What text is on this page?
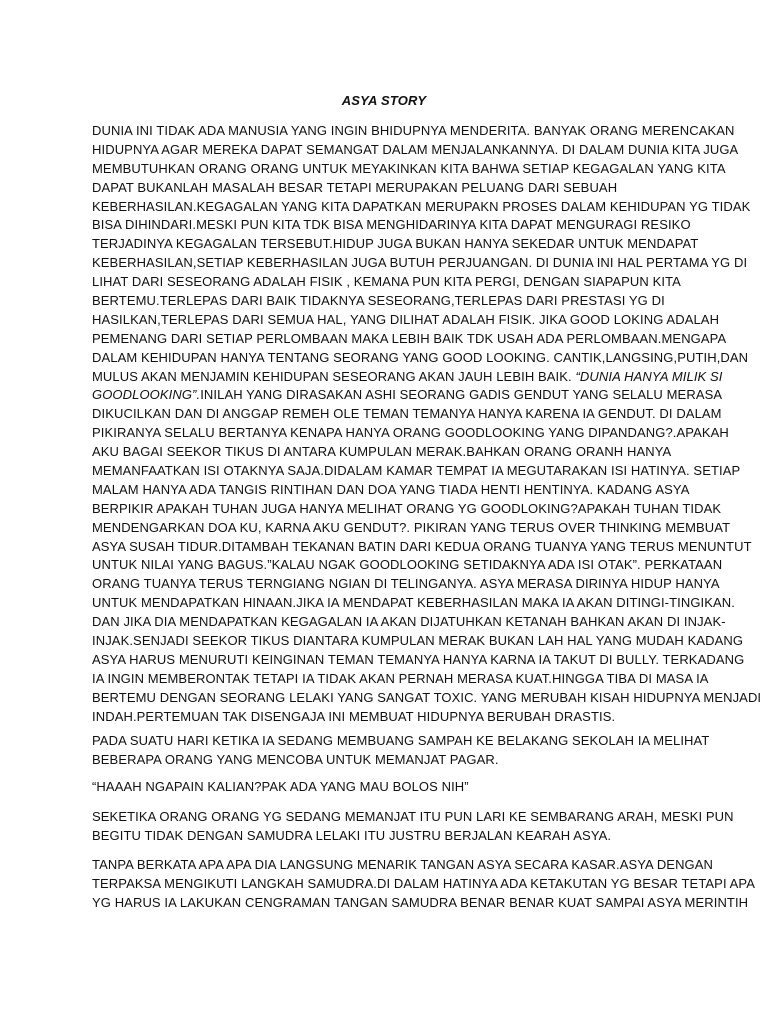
ASYA STORY
DUNIA INI TIDAK ADA MANUSIA YANG INGIN BHIDUPNYA MENDERITA. BANYAK ORANG MERENCAKAN
HIDUPNYA AGAR MEREKA DAPAT SEMANGAT DALAM MENJALANKANNYA. DI DALAM DUNIA KITA JUGA
MEMBUTUHKAN ORANG ORANG UNTUK MEYAKINKAN KITA BAHWA SETIAP KEGAGALAN YANG KITA
DAPAT BUKANLAH MASALAH BESAR TETAPI MERUPAKAN PELUANG DARI SEBUAH
KEBERHASILAN.KEGAGALAN YANG KITA DAPATKAN MERUPAKN PROSES DALAM KEHIDUPAN YG TIDAK
BISA DIHINDARI.MESKI PUN KITA TDK BISA MENGHIDARINYA KITA DAPAT MENGURAGI RESIKO
TERJADINYA KEGAGALAN TERSEBUT.HIDUP JUGA BUKAN HANYA SEKEDAR UNTUK MENDAPAT
KEBERHASILAN,SETIAP KEBERHASILAN JUGA BUTUH PERJUANGAN. DI DUNIA INI HAL PERTAMA YG DI
LIHAT DARI SESEORANG ADALAH FISIK , KEMANA PUN KITA PERGI, DENGAN SIAPAPUN KITA
BERTEMU.TERLEPAS DARI BAIK TIDAKNYA SESEORANG,TERLEPAS DARI PRESTASI YG DI
HASILKAN,TERLEPAS DARI SEMUA HAL, YANG DILIHAT ADALAH FISIK. JIKA GOOD LOKING ADALAH
PEMENANG DARI SETIAP PERLOMBAAN MAKA LEBIH BAIK TDK USAH ADA PERLOMBAAN.MENGAPA
DALAM KEHIDUPAN HANYA TENTANG SEORANG YANG GOOD LOOKING. CANTIK,LANGSING,PUTIH,DAN
MULUS AKAN MENJAMIN KEHIDUPAN SESEORANG AKAN JAUH LEBIH BAIK. “DUNIA HANYA MILIK SI
GOODLOOKING”.INILAH YANG DIRASAKAN ASHI SEORANG GADIS GENDUT YANG SELALU MERASA
DIKUCILKAN DAN DI ANGGAP REMEH OLE TEMAN TEMANYA HANYA KARENA IA GENDUT. DI DALAM
PIKIRANYA SELALU BERTANYA KENAPA HANYA ORANG GOODLOOKING YANG DIPANDANG?.APAKAH
AKU BAGAI SEEKOR TIKUS DI ANTARA KUMPULAN MERAK.BAHKAN ORANG ORANH HANYA
MEMANFAATKAN ISI OTAKNYA SAJA.DIDALAM KAMAR TEMPAT IA MEGUTARAKAN ISI HATINYA. SETIAP
MALAM HANYA ADA TANGIS RINTIHAN DAN DOA YANG TIADA HENTI HENTINYA. KADANG ASYA
BERPIKIR APAKAH TUHAN JUGA HANYA MELIHAT ORANG YG GOODLOKING?APAKAH TUHAN TIDAK
MENDENGARKAN DOA KU, KARNA AKU GENDUT?. PIKIRAN YANG TERUS OVER THINKING MEMBUAT
ASYA SUSAH TIDUR.DITAMBAH TEKANAN BATIN DARI KEDUA ORANG TUANYA YANG TERUS MENUNTUT
UNTUK NILAI YANG BAGUS.”KALAU NGAK GOODLOOKING SETIDAKNYA ADA ISI OTAK”. PERKATAAN
ORANG TUANYA TERUS TERNGIANG NGIAN DI TELINGANYA. ASYA MERASA DIRINYA HIDUP HANYA
UNTUK MENDAPATKAN HINAAN.JIKA IA MENDAPAT KEBERHASILAN MAKA IA AKAN DITINGI-TINGIKAN.
DAN JIKA DIA MENDAPATKAN KEGAGALAN IA AKAN DIJATUHKAN KETANAH BAHKAN AKAN DI INJAK-
INJAK.SENJADI SEEKOR TIKUS DIANTARA KUMPULAN MERAK BUKAN LAH HAL YANG MUDAH KADANG
ASYA HARUS MENURUTI KEINGINAN TEMAN TEMANYA HANYA KARNA IA TAKUT DI BULLY. TERKADANG
IA INGIN MEMBERONTAK TETAPI IA TIDAK AKAN PERNAH MERASA KUAT.HINGGA TIBA DI MASA IA
BERTEMU DENGAN SEORANG LELAKI YANG SANGAT TOXIC. YANG MERUBAH KISAH HIDUPNYA MENJADI
INDAH.PERTEMUAN TAK DISENGAJA INI MEMBUAT HIDUPNYA BERUBAH DRASTIS.
PADA SUATU HARI KETIKA IA SEDANG MEMBUANG SAMPAH KE BELAKANG SEKOLAH IA MELIHAT
BEBERAPA ORANG YANG MENCOBA UNTUK MEMANJAT PAGAR.
“HAAAH NGAPAIN KALIAN?PAK ADA YANG MAU BOLOS NIH”
SEKETIKA ORANG ORANG YG SEDANG MEMANJAT ITU PUN LARI KE SEMBARANG ARAH, MESKI PUN
BEGITU TIDAK DENGAN SAMUDRA LELAKI ITU JUSTRU BERJALAN KEARAH ASYA.
TANPA BERKATA APA APA DIA LANGSUNG MENARIK TANGAN ASYA SECARA KASAR.ASYA DENGAN
TERPAKSA MENGIKUTI LANGKAH SAMUDRA.DI DALAM HATINYA ADA KETAKUTAN YG BESAR TETAPI APA
YG HARUS IA LAKUKAN CENGRAMAN TANGAN SAMUDRA BENAR BENAR KUAT SAMPAI ASYA MERINTIH
